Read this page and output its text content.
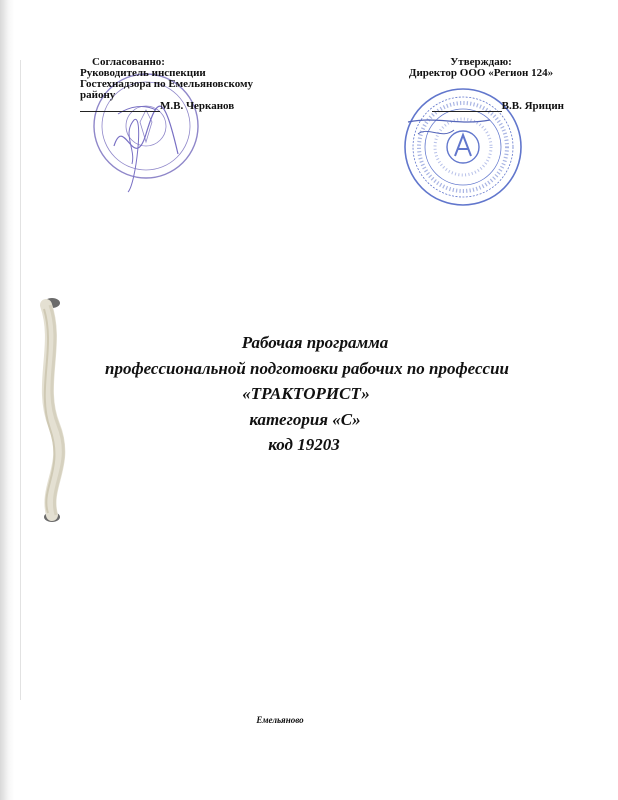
Согласованно:
Руководитель инспекции
Гостехнадзора по Емельяновскому
району
М.В. Черканов
Утверждаю:
Директор ООО «Регион 124»
В.В. Ярицин
Рабочая программа
профессиональной подготовки рабочих по профессии
«ТРАКТОРИСТ»
категория «С»
код 19203
Емельяново
